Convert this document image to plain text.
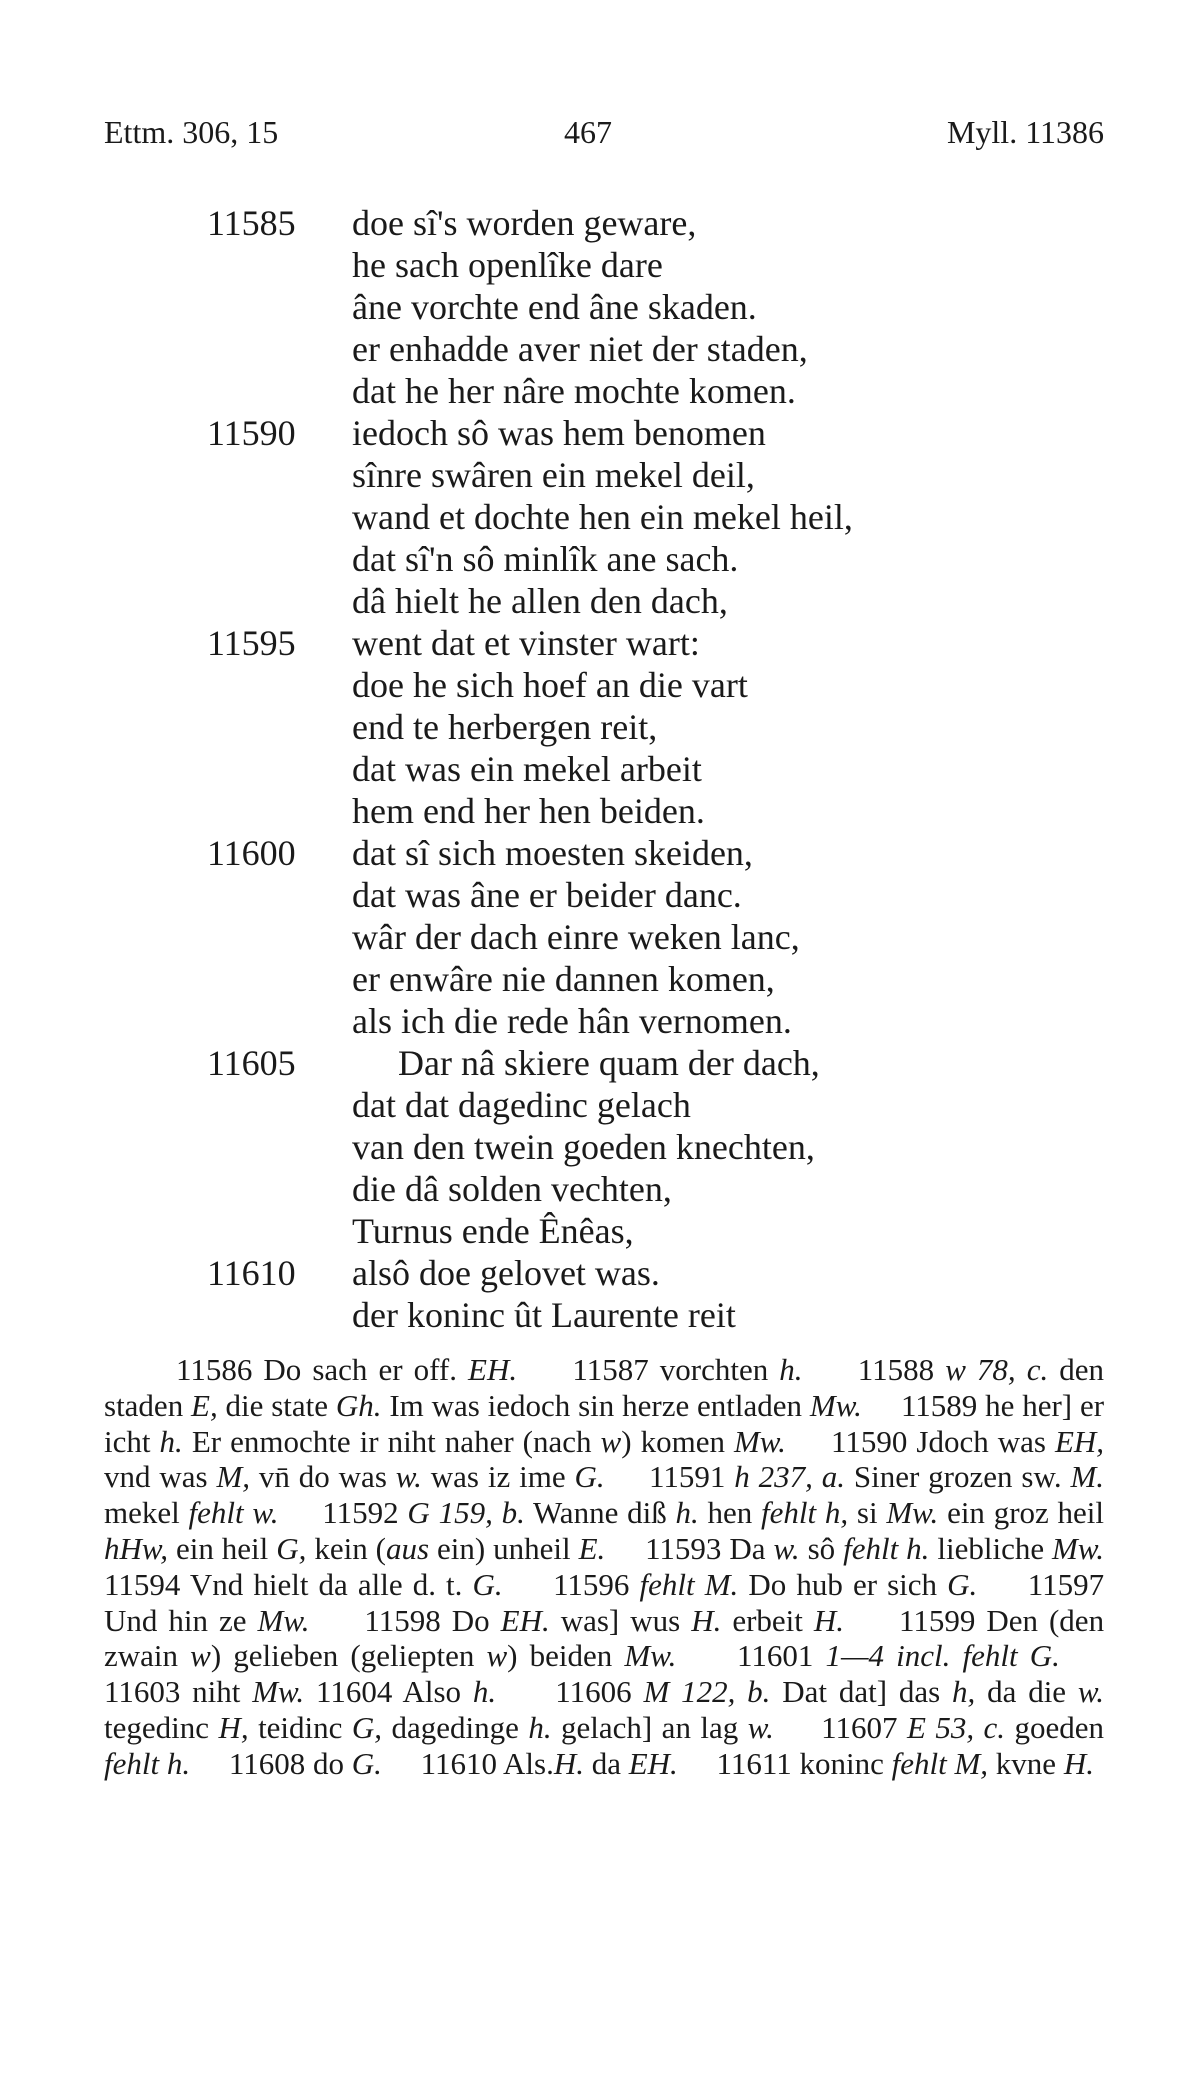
Ettm. 306, 15	467	Myll. 11386
11585	doe sî's worden geware,
he sach openlîke dare
âne vorchte end âne skaden.
er enhadde aver niet der staden,
dat he her nâre mochte komen.
11590	iedoch sô was hem benomen
sînre swâren ein mekel deil,
wand et dochte hen ein mekel heil,
dat sî'n sô minlîk ane sach.
dâ hielt he allen den dach,
11595	went dat et vinster wart:
doe he sich hoef an die vart
end te herbergen reit,
dat was ein mekel arbeit
hem end her hen beiden.
11600	dat sî sich moesten skeiden,
dat was âne er beider danc.
wâr der dach einre weken lanc,
er enwâre nie dannen komen,
als ich die rede hân vernomen.
11605	Dar nâ skiere quam der dach,
dat dat dagedinc gelach
van den twein goeden knechten,
die dâ solden vechten,
Turnus ende Ênêas,
11610	alsô doe gelovet was.
der koninc ût Laurente reit

11586 Do sach er off. EH. 11587 vorchten h. 11588 w 78, c. den staden E, die state Gh. Im was iedoch sin herze entladen Mw. 11589 he her] er icht h. Er enmochte ir niht naher (nach w) komen Mw. 11590 Jdoch was EH, vnd was M, vn̄ do was w. was iz ime G. 11591 h 237, a. Siner grozen sw. M. mekel fehlt w. 11592 G 159, b. Wanne diß h. hen fehlt h, si Mw. ein groz heil hHw, ein heil G, kein (aus ein) unheil E. 11593 Da w. sô fehlt h. liebliche Mw. 11594 Vnd hielt da alle d. t. G. 11596 fehlt M. Do hub er sich G. 11597 Und hin ze Mw. 11598 Do EH. was] wus H. erbeit H. 11599 Den (den zwain w) gelieben (geliepten w) beiden Mw. 11601 1—4 incl. fehlt G.     11603 niht Mw. 11604 Also h. 11606 M 122, b. Dat dat] das h, da die w. tegedinc H, teidinc G, dagedinge h. gelach] an lag w. 11607 E 53, c. goeden fehlt h. 11608 do G. 11610 Als.H. da EH. 11611 koninc fehlt M, kvne H.
